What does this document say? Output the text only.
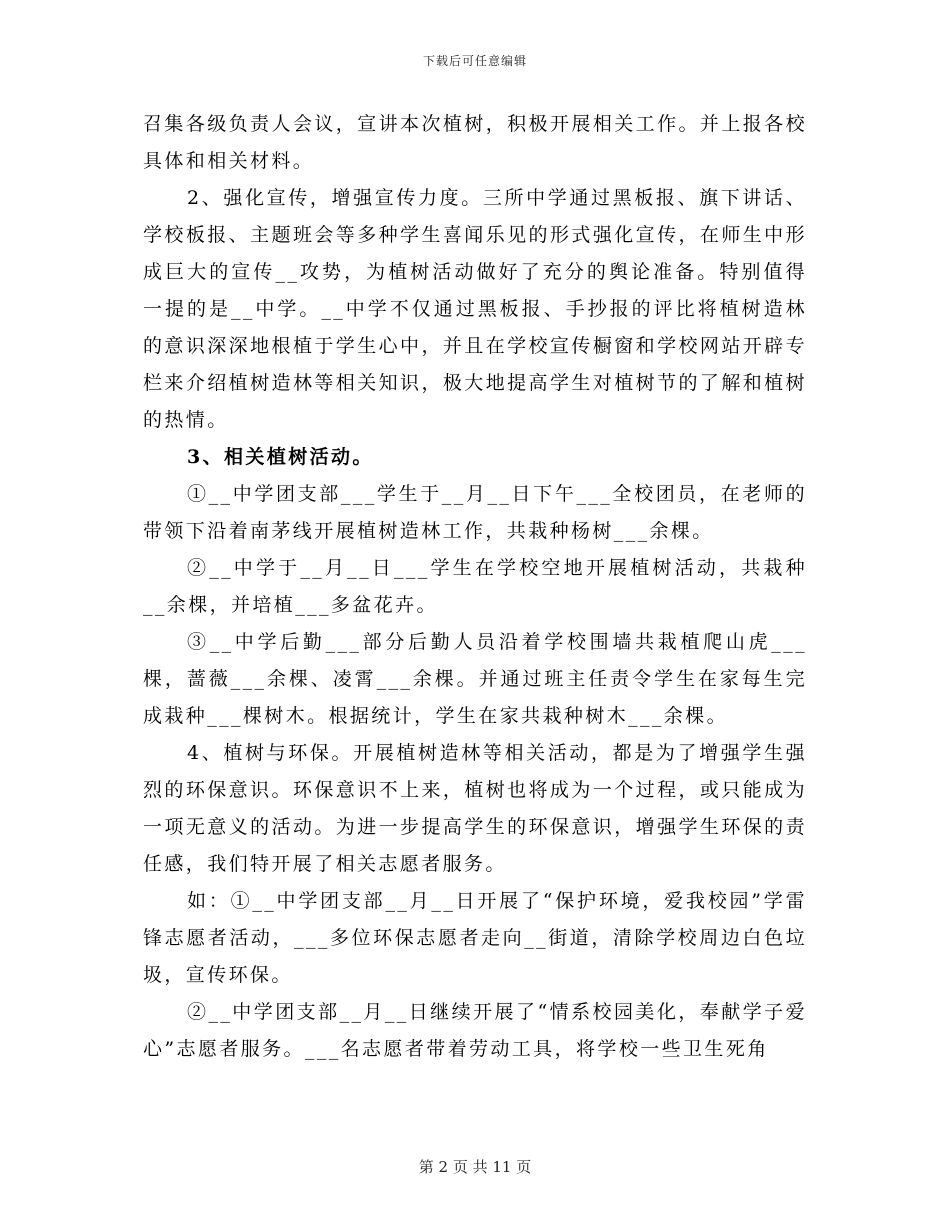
下载后可任意编辑

召集各级负责人会议，宣讲本次植树，积极开展相关工作。并上报各校具体和相关材料。

2、强化宣传，增强宣传力度。三所中学通过黑板报、旗下讲话、学校板报、主题班会等多种学生喜闻乐见的形式强化宣传，在师生中形成巨大的宣传__攻势，为植树活动做好了充分的舆论准备。特别值得一提的是__中学。__中学不仅通过黑板报、手抄报的评比将植树造林的意识深深地根植于学生心中，并且在学校宣传橱窗和学校网站开辟专栏来介绍植树造林等相关知识，极大地提高学生对植树节的了解和植树的热情。

3、相关植树活动。

①__中学团支部___学生于__月__日下午___全校团员，在老师的带领下沿着南茅线开展植树造林工作，共栽种杨树___余棵。

②__中学于__月__日___学生在学校空地开展植树活动，共栽种__余棵，并培植___多盆花卉。

③__中学后勤___部分后勤人员沿着学校围墙共栽植爬山虎___棵，蔷薇___余棵、凌霄___余棵。并通过班主任责令学生在家每生完成栽种___棵树木。根据统计，学生在家共栽种树木___余棵。

4、植树与环保。开展植树造林等相关活动，都是为了增强学生强烈的环保意识。环保意识不上来，植树也将成为一个过程，或只能成为一项无意义的活动。为进一步提高学生的环保意识，增强学生环保的责任感，我们特开展了相关志愿者服务。

如：①__中学团支部__月__日开展了“保护环境，爱我校园”学雷锋志愿者活动，___多位环保志愿者走向__街道，清除学校周边白色垃圾，宣传环保。

②__中学团支部__月__日继续开展了“情系校园美化，奉献学子爱心”志愿者服务。___名志愿者带着劳动工具，将学校一些卫生死角

第 2 页 共 11 页
